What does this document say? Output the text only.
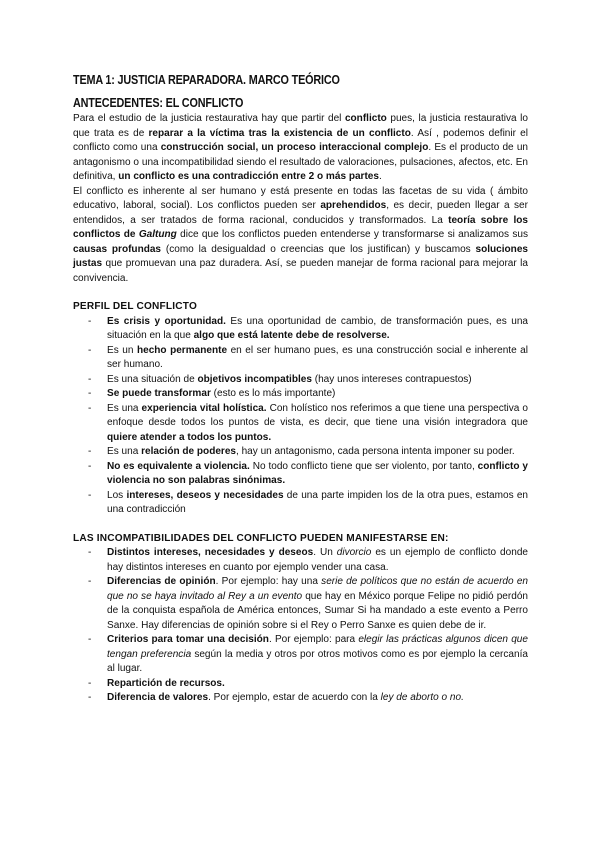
TEMA 1: JUSTICIA REPARADORA. MARCO TEÓRICO
ANTECEDENTES: EL CONFLICTO

Para el estudio de la justicia restaurativa hay que partir del conflicto pues, la justicia restaurativa lo que trata es de reparar a la víctima tras la existencia de un conflicto. Así , podemos definir el conflicto como una construcción social, un proceso interaccional complejo. Es el producto de un antagonismo o una incompatibilidad siendo el resultado de valoraciones, pulsaciones, afectos, etc. En definitiva, un conflicto es una contradicción entre 2 o más partes.

El conflicto es inherente al ser humano y está presente en todas las facetas de su vida ( ámbito educativo, laboral, social). Los conflictos pueden ser aprehendidos, es decir, pueden llegar a ser entendidos, a ser tratados de forma racional, conducidos y transformados. La teoría sobre los conflictos de Galtung dice que los conflictos pueden entenderse y transformarse si analizamos sus causas profundas (como la desigualdad o creencias que los justifican) y buscamos soluciones justas que promuevan una paz duradera. Así, se pueden manejar de forma racional para mejorar la convivencia.

PERFIL DEL CONFLICTO
- Es crisis y oportunidad. Es una oportunidad de cambio, de transformación pues, es una situación en la que algo que está latente debe de resolverse.
- Es un hecho permanente en el ser humano pues, es una construcción social e inherente al ser humano.
- Es una situación de objetivos incompatibles (hay unos intereses contrapuestos)
- Se puede transformar (esto es lo más importante)
- Es una experiencia vital holística. Con holístico nos referimos a que tiene una perspectiva o enfoque desde todos los puntos de vista, es decir, que tiene una visión integradora que quiere atender a todos los puntos.
- Es una relación de poderes, hay un antagonismo, cada persona intenta imponer su poder.
- No es equivalente a violencia. No todo conflicto tiene que ser violento, por tanto, conflicto y violencia no son palabras sinónimas.
- Los intereses, deseos y necesidades de una parte impiden los de la otra pues, estamos en una contradicción
LAS INCOMPATIBILIDADES DEL CONFLICTO PUEDEN MANIFESTARSE EN:
- Distintos intereses, necesidades y deseos. Un divorcio es un ejemplo de conflicto donde hay distintos intereses en cuanto por ejemplo vender una casa.
- Diferencias de opinión. Por ejemplo: hay una serie de políticos que no están de acuerdo en que no se haya invitado al Rey a un evento que hay en México porque Felipe no pidió perdón de la conquista española de América entonces, Sumar Si ha mandado a este evento a Perro Sanxe. Hay diferencias de opinión sobre si el Rey o Perro Sanxe es quien debe de ir.
- Criterios para tomar una decisión. Por ejemplo: para elegir las prácticas algunos dicen que tengan preferencia según la media y otros por otros motivos como es por ejemplo la cercanía al lugar.
- Repartición de recursos.
- Diferencia de valores. Por ejemplo, estar de acuerdo con la ley de aborto o no.
